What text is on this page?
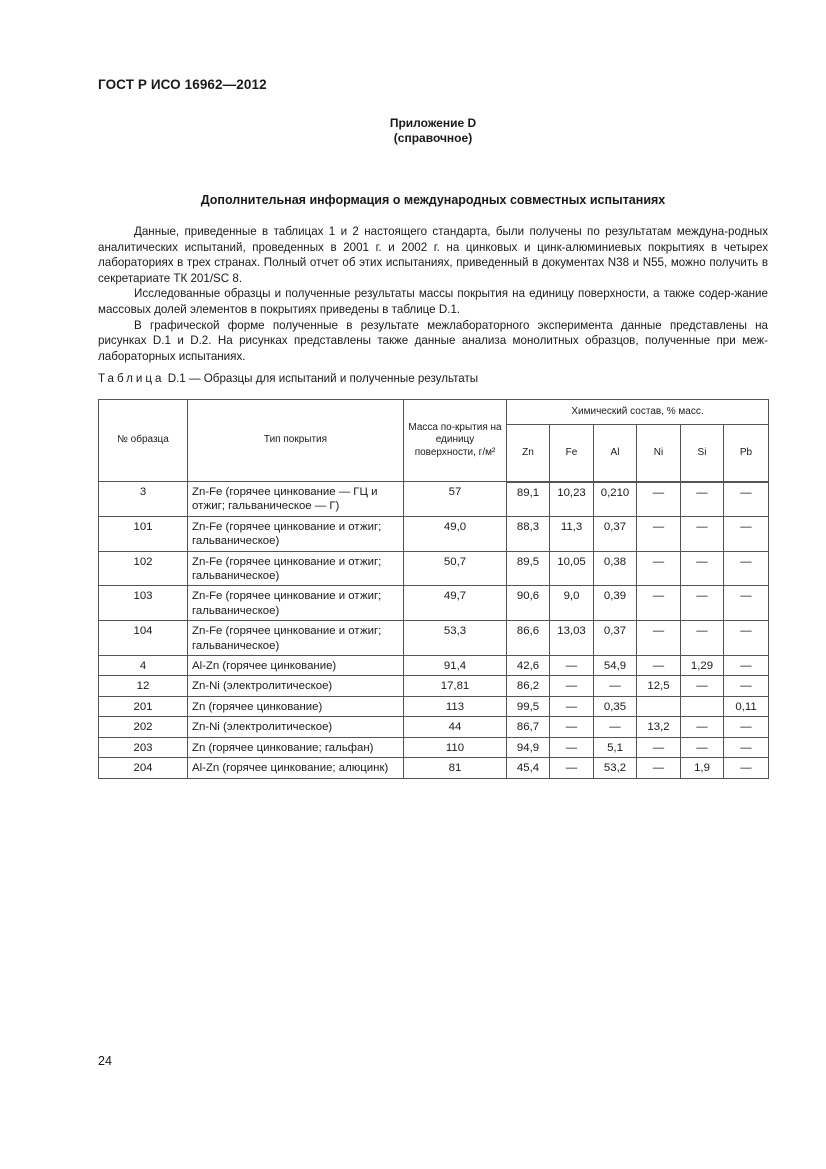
ГОСТ Р ИСО 16962—2012
Приложение D
(справочное)
Дополнительная информация о международных совместных испытаниях

Данные, приведенные в таблицах 1 и 2 настоящего стандарта, были получены по результатам междуна-родных аналитических испытаний, проведенных в 2001 г. и 2002 г. на цинковых и цинк-алюминиевых покрытиях в четырех лабораториях в трех странах. Полный отчет об этих испытаниях, приведенный в документах N38 и N55, можно получить в секретариате ТК 201/SC 8.

Исследованные образцы и полученные результаты массы покрытия на единицу поверхности, а также содер-жание массовых долей элементов в покрытиях приведены в таблице D.1.

В графической форме полученные в результате межлабораторного эксперимента данные представлены на рисунках D.1 и D.2. На рисунках представлены также данные анализа монолитных образцов, полученные при меж-лабораторных испытаниях.

Таблица D.1 — Образцы для испытаний и полученные результаты
№ образца	Тип покрытия	Масса по-крытия на единицу поверхности, г/м²	Химический состав, % масс.					
			Zn	Fe	Al	Ni	Si	Pb
3	Zn-Fe (горячее цинкование — ГЦ и отжиг; гальваническое — Г)	57	89,1	10,23	0,210	—	—	—
101	Zn-Fe (горячее цинкование и отжиг; гальваническое)	49,0	88,3	11,3	0,37	—	—	—
102	Zn-Fe (горячее цинкование и отжиг; гальваническое)	50,7	89,5	10,05	0,38	—	—	—
103	Zn-Fe (горячее цинкование и отжиг; гальваническое)	49,7	90,6	9,0	0,39	—	—	—
104	Zn-Fe (горячее цинкование и отжиг; гальваническое)	53,3	86,6	13,03	0,37	—	—	—
4	Al-Zn (горячее цинкование)	91,4	42,6	—	54,9	—	1,29	—
12	Zn-Ni (электролитическое)	17,81	86,2	—	—	12,5	—	—
201	Zn (горячее цинкование)	113	99,5	—	0,35			0,11
202	Zn-Ni (электролитическое)	44	86,7	—	—	13,2	—	—
203	Zn (горячее цинкование; гальфан)	110	94,9	—	5,1	—	—	—
204	Al-Zn (горячее цинкование; алюцинк)	81	45,4	—	53,2	—	1,9	—
24
